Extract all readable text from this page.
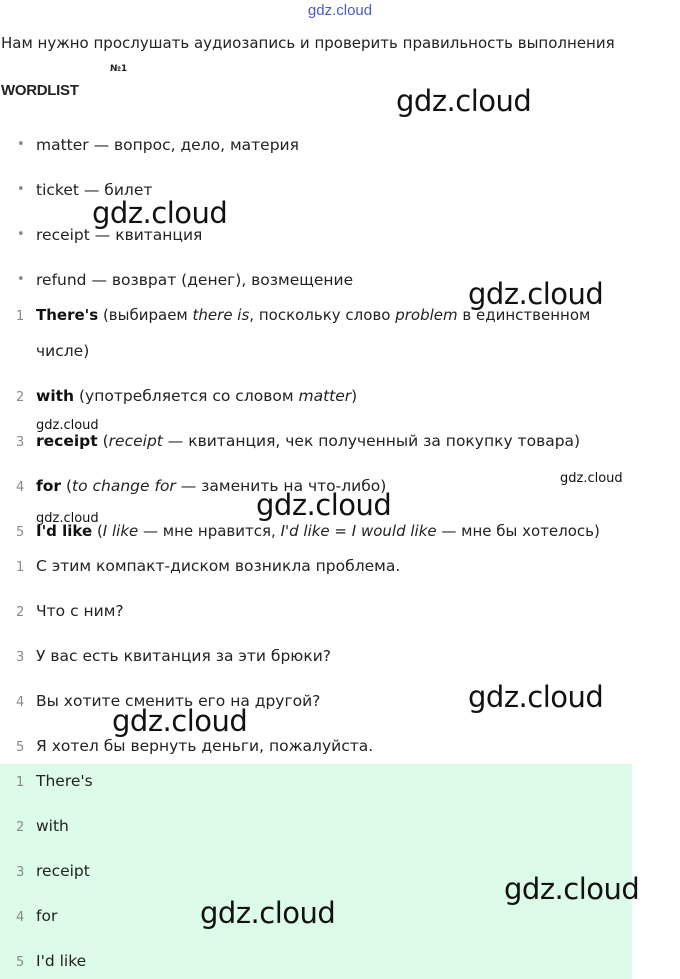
gdz.cloud
Нам нужно прослушать аудиозапись и проверить правильность выполнения
№1
WORDLIST
• matter — вопрос, дело, материя
• ticket — билет
• receipt — квитанция
• refund — возврат (денег), возмещение
1 There's (выбираем there is, поскольку слово problem в единственном
числе)
2 with (употребляется со словом matter)
3 receipt (receipt — квитанция, чек полученный за покупку товара)
4 for (to change for — заменить на что-либо)
5 I'd like (I like — мне нравится, I'd like = I would like — мне бы хотелось)
1 С этим компакт-диском возникла проблема.
2 Что с ним?
3 У вас есть квитанция за эти брюки?
4 Вы хотите сменить его на другой?
5 Я хотел бы вернуть деньги, пожалуйста.
1 There's
2 with
3 receipt
4 for
5 I'd like
gdz.cloud
gdz.cloud
gdz.cloud
gdz.cloud
gdz.cloud
gdz.cloud
gdz.cloud
gdz.cloud
gdz.cloud
gdz.cloud
gdz.cloud
